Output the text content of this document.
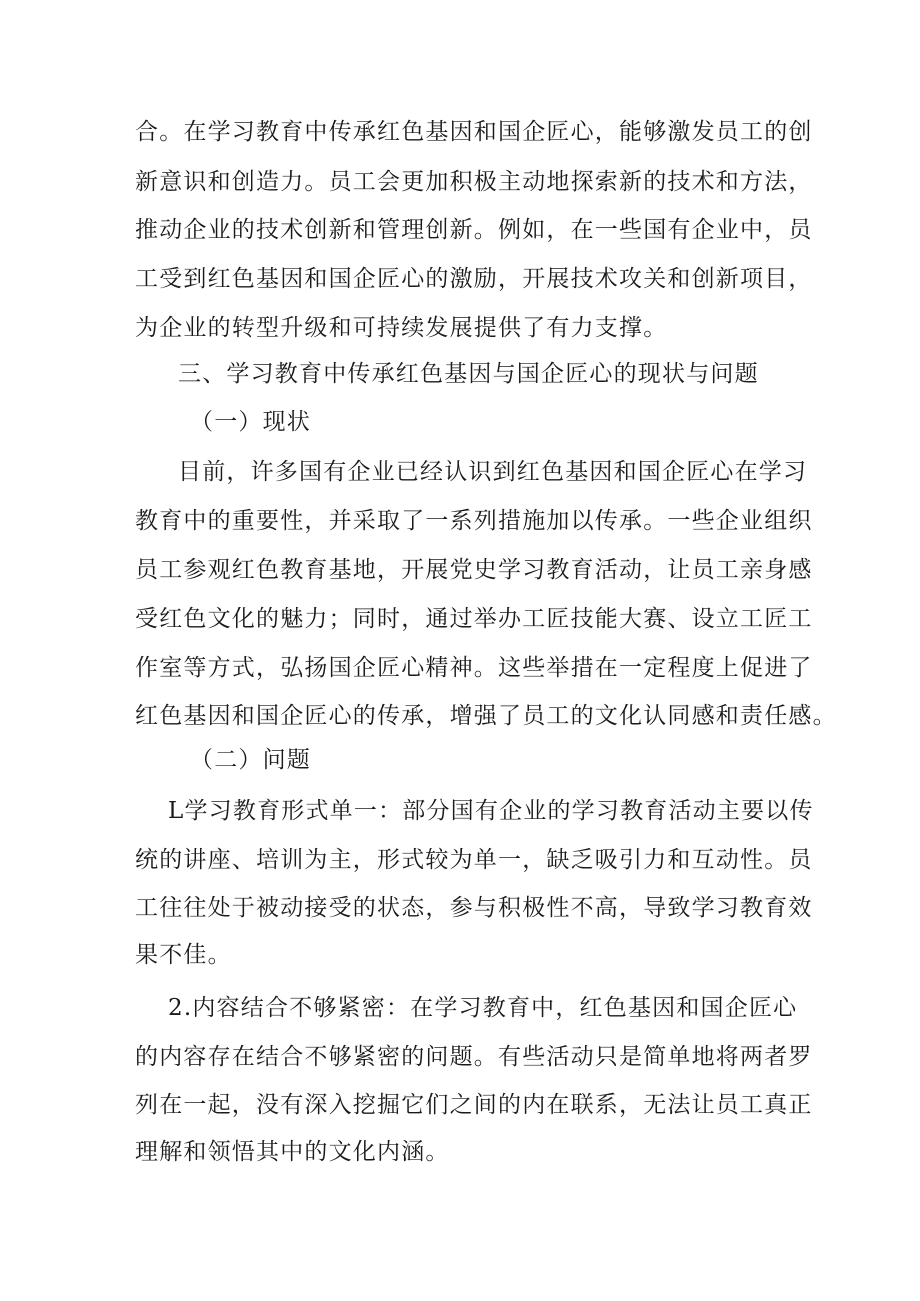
合。在学习教育中传承红色基因和国企匠心，能够激发员工的创
新意识和创造力。员工会更加积极主动地探索新的技术和方法，
推动企业的技术创新和管理创新。例如，在一些国有企业中，员
工受到红色基因和国企匠心的激励，开展技术攻关和创新项目，
为企业的转型升级和可持续发展提供了有力支撑。
三、学习教育中传承红色基因与国企匠心的现状与问题
（一）现状
目前，许多国有企业已经认识到红色基因和国企匠心在学习
教育中的重要性，并采取了一系列措施加以传承。一些企业组织
员工参观红色教育基地，开展党史学习教育活动，让员工亲身感
受红色文化的魅力；同时，通过举办工匠技能大赛、设立工匠工
作室等方式，弘扬国企匠心精神。这些举措在一定程度上促进了
红色基因和国企匠心的传承，增强了员工的文化认同感和责任感。
（二）问题
L学习教育形式单一：部分国有企业的学习教育活动主要以传
统的讲座、培训为主，形式较为单一，缺乏吸引力和互动性。员
工往往处于被动接受的状态，参与积极性不高，导致学习教育效
果不佳。
2.内容结合不够紧密：在学习教育中，红色基因和国企匠心
的内容存在结合不够紧密的问题。有些活动只是简单地将两者罗
列在一起，没有深入挖掘它们之间的内在联系，无法让员工真正
理解和领悟其中的文化内涵。
